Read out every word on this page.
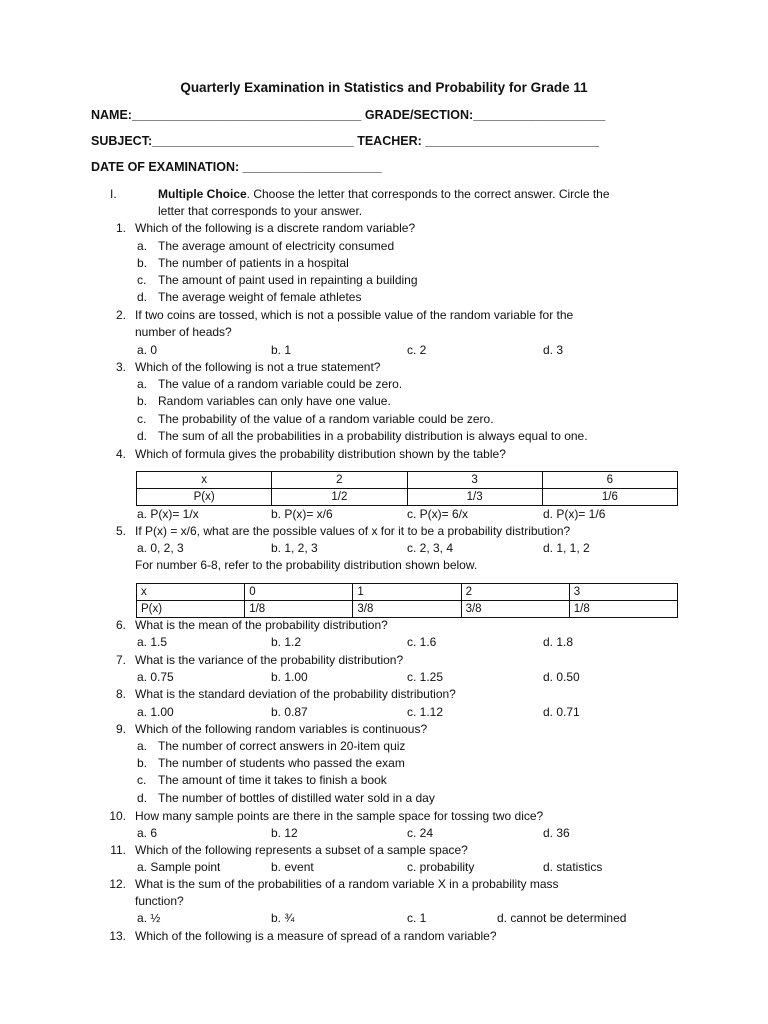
Quarterly Examination in Statistics and Probability for Grade 11
NAME:_________________________________ GRADE/SECTION:___________________
SUBJECT:_____________________________ TEACHER: _________________________
DATE OF EXAMINATION: ____________________
I.	Multiple Choice. Choose the letter that corresponds to the correct answer. Circle the
letter that corresponds to your answer.
1. Which of the following is a discrete random variable?
a. The average amount of electricity consumed
b. The number of patients in a hospital
c. The amount of paint used in repainting a building
d. The average weight of female athletes
2. If two coins are tossed, which is not a possible value of the random variable for the
number of heads?
a. 0	b. 1	c. 2	d. 3
3. Which of the following is not a true statement?
a. The value of a random variable could be zero.
b. Random variables can only have one value.
c. The probability of the value of a random variable could be zero.
d. The sum of all the probabilities in a probability distribution is always equal to one.
4. Which of formula gives the probability distribution shown by the table?
x	2	3	6
P(x)	1/2	1/3	1/6
a. P(x)= 1/x	b. P(x)= x/6	c. P(x)= 6/x	d. P(x)= 1/6
5. If P(x) = x/6, what are the possible values of x for it to be a probability distribution?
a. 0, 2, 3	b. 1, 2, 3	c. 2, 3, 4	d. 1, 1, 2
For number 6-8, refer to the probability distribution shown below.
x	0	1	2	3
P(x)	1/8	3/8	3/8	1/8
6. What is the mean of the probability distribution?
a. 1.5	b. 1.2	c. 1.6	d. 1.8
7. What is the variance of the probability distribution?
a. 0.75	b. 1.00	c. 1.25	d. 0.50
8. What is the standard deviation of the probability distribution?
a. 1.00	b. 0.87	c. 1.12	d. 0.71
9. Which of the following random variables is continuous?
a. The number of correct answers in 20-item quiz
b. The number of students who passed the exam
c. The amount of time it takes to finish a book
d. The number of bottles of distilled water sold in a day
10. How many sample points are there in the sample space for tossing two dice?
a. 6	b. 12	c. 24	d. 36
11. Which of the following represents a subset of a sample space?
a. Sample point	b. event	c. probability	d. statistics
12. What is the sum of the probabilities of a random variable X in a probability mass
function?
a. ½	b. ¾	c. 1	d. cannot be determined
13. Which of the following is a measure of spread of a random variable?
